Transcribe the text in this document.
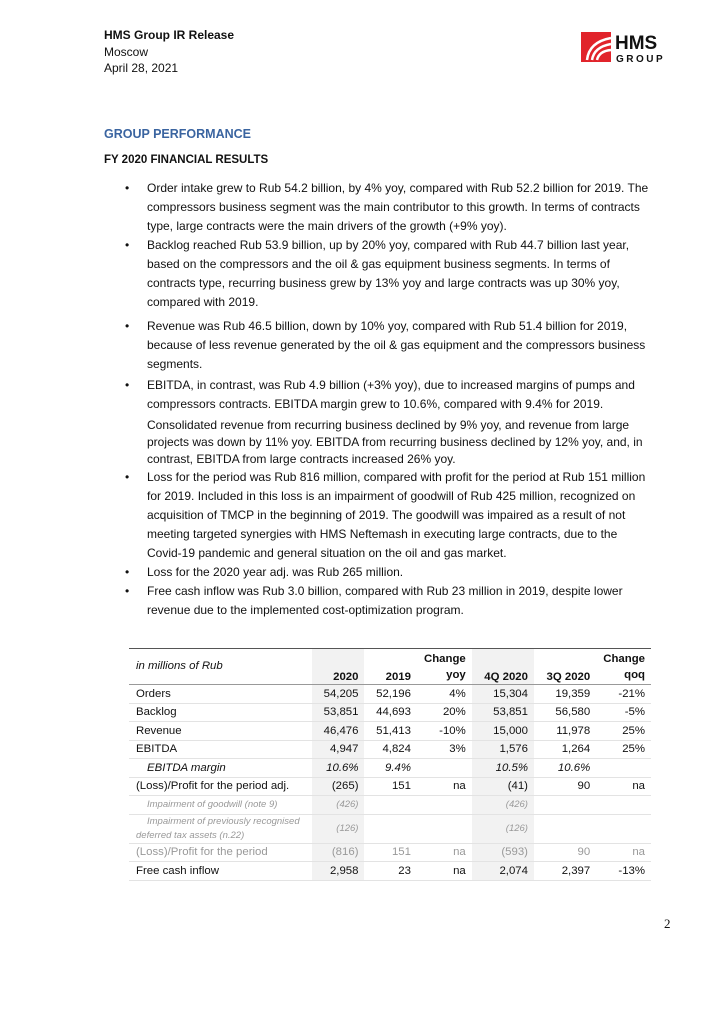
HMS Group IR Release
Moscow
April 28, 2021
HMS
GROUP
GROUP PERFORMANCE
FY 2020 FINANCIAL RESULTS
• Order intake grew to Rub 54.2 billion, by 4% yoy, compared with Rub 52.2 billion for 2019. The compressors business segment was the main contributor to this growth. In terms of contracts type, large contracts were the main drivers of the growth (+9% yoy).
• Backlog reached Rub 53.9 billion, up by 20% yoy, compared with Rub 44.7 billion last year, based on the compressors and the oil & gas equipment business segments. In terms of contracts type, recurring business grew by 13% yoy and large contracts was up 30% yoy, compared with 2019.
• Revenue was Rub 46.5 billion, down by 10% yoy, compared with Rub 51.4 billion for 2019, because of less revenue generated by the oil & gas equipment and the compressors business segments.
• EBITDA, in contrast, was Rub 4.9 billion (+3% yoy), due to increased margins of pumps and compressors contracts. EBITDA margin grew to 10.6%, compared with 9.4% for 2019.
Consolidated revenue from recurring business declined by 9% yoy, and revenue from large projects was down by 11% yoy. EBITDA from recurring business declined by 12% yoy, and, in contrast, EBITDA from large contracts increased 26% yoy.
• Loss for the period was Rub 816 million, compared with profit for the period at Rub 151 million for 2019. Included in this loss is an impairment of goodwill of Rub 425 million, recognized on acquisition of TMCP in the beginning of 2019. The goodwill was impaired as a result of not meeting targeted synergies with HMS Neftemash in executing large contracts, due to the Covid-19 pandemic and general situation on the oil and gas market.
• Loss for the 2020 year adj. was Rub 265 million.
• Free cash inflow was Rub 3.0 billion, compared with Rub 23 million in 2019, despite lower revenue due to the implemented cost-optimization program.
in millions of Rub	2020	2019	Change yoy	4Q 2020	3Q 2020	Change qoq
Orders	54,205	52,196	4%	15,304	19,359	-21%
Backlog	53,851	44,693	20%	53,851	56,580	-5%
Revenue	46,476	51,413	-10%	15,000	11,978	25%
EBITDA	4,947	4,824	3%	1,576	1,264	25%
EBITDA margin	10.6%	9.4%		10.5%	10.6%	
(Loss)/Profit for the period adj.	(265)	151	na	(41)	90	na
Impairment of goodwill (note 9)	(426)			(426)		
Impairment of previously recognised deferred tax assets (n.22)	(126)			(126)		
(Loss)/Profit for the period	(816)	151	na	(593)	90	na
Free cash inflow	2,958	23	na	2,074	2,397	-13%
2
